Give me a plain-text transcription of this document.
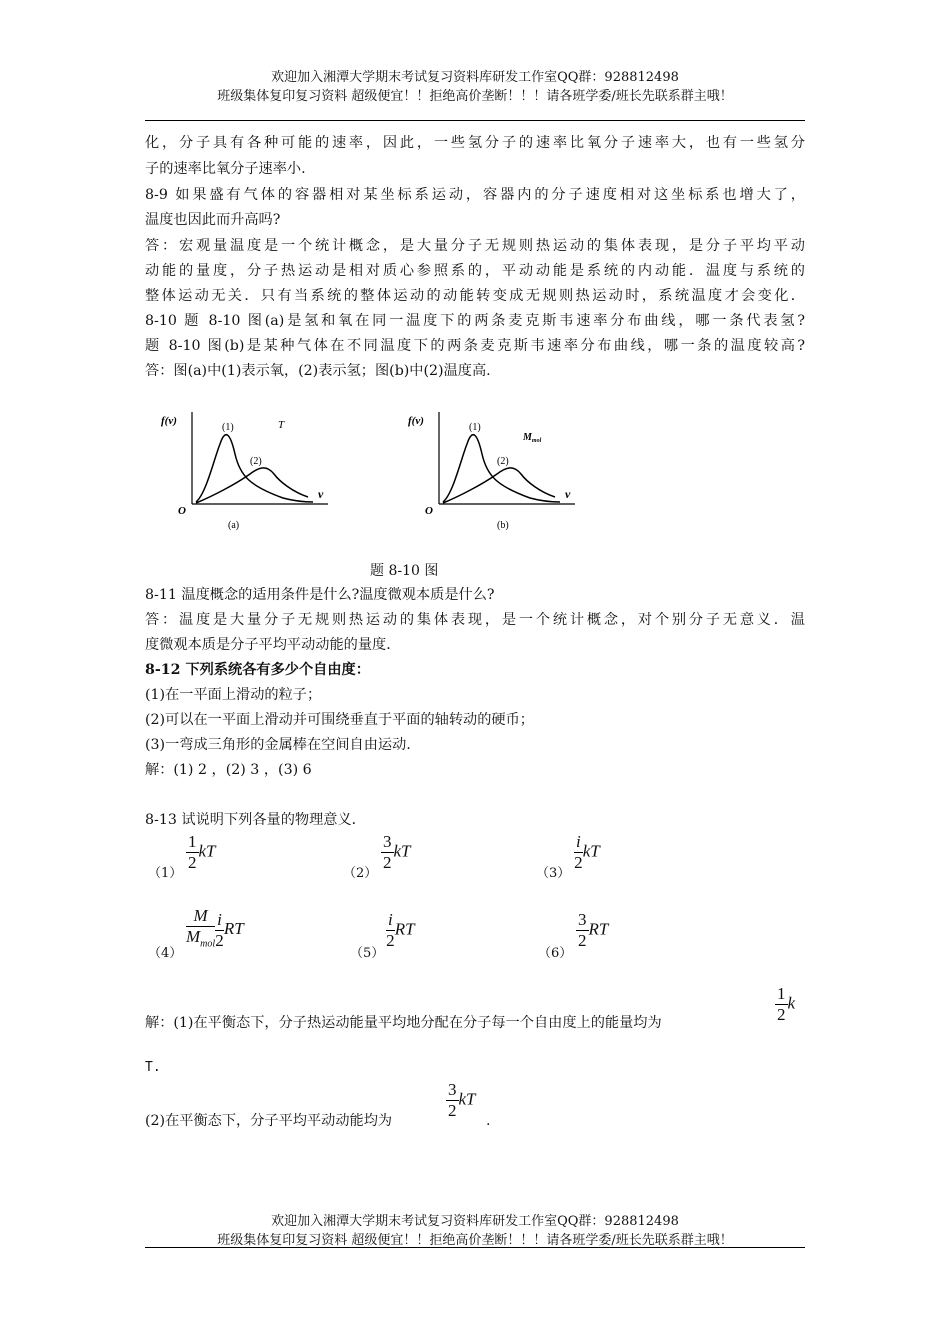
欢迎加入湘潭大学期末考试复习资料库研发工作室QQ群：928812498
班级集体复印复习资料 超级便宜！！拒绝高价垄断！！！请各班学委/班长先联系群主哦！
化，分子具有各种可能的速率，因此，一些氢分子的速率比氧分子速率大，也有一些氢分
子的速率比氧分子速率小.
8-9 如果盛有气体的容器相对某坐标系运动，容器内的分子速度相对这坐标系也增大了，
温度也因此而升高吗?
答：宏观量温度是一个统计概念，是大量分子无规则热运动的集体表现，是分子平均平动
动能的量度，分子热运动是相对质心参照系的，平动动能是系统的内动能．温度与系统的
整体运动无关．只有当系统的整体运动的动能转变成无规则热运动时，系统温度才会变化．
8-10 题 8-10 图(a)是氢和氧在同一温度下的两条麦克斯韦速率分布曲线，哪一条代表氢?
题 8-10 图(b)是某种气体在不同温度下的两条麦克斯韦速率分布曲线，哪一条的温度较高?
答：图(a)中(1)表示氧，(2)表示氢；图(b)中(2)温度高.
f(v)
(1)
(2)
T
v
O
(a)
f(v)
(1)
(2)
$M_{mol}$
v
O
(b)
题 8-10 图
8-11 温度概念的适用条件是什么?温度微观本质是什么?
答：温度是大量分子无规则热运动的集体表现，是一个统计概念，对个别分子无意义．温
度微观本质是分子平均平动动能的量度．
8-12 下列系统各有多少个自由度：
(1)在一平面上滑动的粒子；
(2)可以在一平面上滑动并可围绕垂直于平面的轴转动的硬币；
(3)一弯成三角形的金属棒在空间自由运动.
解：(1) 2 ，(2) 3 ，(3) 6
8-13 试说明下列各量的物理意义．
（1）
$\frac{1}{2}$ kT
（2）
$\frac{3}{2}$ kT
（3）
$\frac{i}{2}$ kT
$(4) \frac{M}{M_{mol}} \frac{i}{2}$ RT
（5）
$\frac{i}{2}$ RT
（6）
$\frac{3}{2}$ RT
解：(1)在平衡态下，分子热运动能量平均地分配在分子每一个自由度上的能量均为	$\frac{1}{2}$ k
T.
(2)在平衡态下，分子平均平动动能均为	$\frac{3}{2}$ kT
.
欢迎加入湘潭大学期末考试复习资料库研发工作室QQ群：928812498
班级集体复印复习资料 超级便宜！！拒绝高价垄断！！！请各班学委/班长先联系群主哦！
